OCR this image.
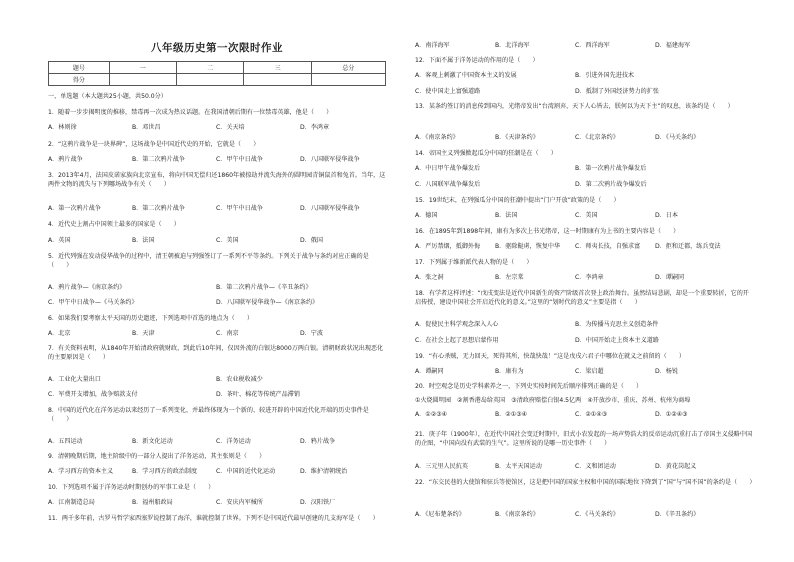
八年级历史第一次限时作业
题号	一	二	三	总分
得分				
一、单选题（本大题共25小题，共50.0分）
1．随着一步步揭明度的推移，禁毒再一次成为热议话题。在我国清朝后期有一位禁毒英雄，他是（　　）
A．林则徐	B．邓世昌	C．关天培	D．李鸿章
2．“这鸦片战争是一块界碑”，这场战争是中国近代史的开始，它就是（　　）
A．鸦片战争	B．第二次鸦片战争	C．甲午中日战争	D．八国联军侵华战争
3．2013年4月，法国皮诺家族向北京宣布，将向中国无偿归还1860年被掠劫并流失海外的圆明园青铜鼠首和兔首。当年，这两件文物的流失与下列哪场战争有关（　　）
A．第一次鸦片战争	B．第二次鸦片战争	C．甲午中日战争	D．八国联军侵华战争
4．近代史上割占中国领土最多的国家是（　　）
A．英国	B．法国	C．美国	D．俄国
5．近代列强在发动侵华战争的过程中，清王朝被迫与列强签订了一系列不平等条约。下列关于战争与条约对应正确的是（　　）
A．鸦片战争—《南京条约》	B．第二次鸦片战争—《辛丑条约》
C．甲午中日战争—《马关条约》	D．八国联军侵华战争—《南京条约》
6．如果我们要考察太平天国的历史遗迹，下列选项中首选的地点为（　　）
A．北京	B．天津	C．南京	D．宁波
7．有关资料表明，从1840年开始清政府就财政，到此后10年间，仅因外流的白银达8000万两白银。清朝财政状况出现恶化的主要原因是（　　）
A．工业化大量出口	B．农业税收减少
C．军费开支增加，战争赔款支付	D．茶叶、棉花等传统产品滞销
8．中国的近代化在洋务运动以来经历了一系列变化，并最终体现为一个新的、较进开辟的中国近代化开端的历史事件是（　　）
A．五四运动	B．新文化运动	C．洋务运动	D．鸦片战争
9．清朝晚期后期，地主阶级中的一部分人提出了洋务运动，其主张则是（　　）
A．学习西方的资本主义	B．学习西方的政治制度	C．中国的近代化运动	D．维护清朝统治
10．下列选项不属于洋务运动时期创办的军事工业是（　　）
A．江南制造总局	B．福州船政局	C．安庆内军械所	D．汉阳铁厂
11．两千多年前，古罗马哲学家西塞罗说控制了海洋，谁就控制了世界。下列不是中国近代最早创建的几支海军是（　　）
A．南洋海军	B．北洋海军	C．西洋海军	D．福建海军
12．下面不属于洋务运动的作用的是（　　）
A．客观上刺激了中国资本主义的发展	B．引进外国先进技术
C．使中国走上富强道路	D．抵制了外国经济势力的扩张
13．某条约签订的消息传到国内，光绪帝发出“台湾割弃，天下人心皆去，朕何以为天下主”的叹息，该条约是（　　）
A．《南京条约》	B．《天津条约》	C．《北京条约》	D．《马关条约》
14．帝国主义列强掀起瓜分中国的狂潮是在（　　）
A．中日甲午战争爆发后	B．第一次鸦片战争爆发后
C．八国联军战争爆发后	D．第二次鸦片战争爆发后
15．19世纪末，在列强瓜分中国的狂潮中提出“门户开放”政策的是（　　）
A．德国	B．法国	C．美国	D．日本
16．在1895年到1898年间，康有为多次上书光绪帝，这一时期康有为上书的主要内容是（　　）
A．严厉禁烟，抵御外侮 B．驱除鞑虏，恢复中华 C．师夷长技，自强求富 D．拒和迁都，练兵变法
17．下列属于维新派代表人物的是（　　）
A．张之洞	B．左宗棠	C．李鸿章	D．谭嗣同
18．有学者这样评述：“戊戌变法是近代中国新生的资产阶级首次登上政治舞台。虽然结局悲剧，却是一个重要转折，它的开启传授，建设中国社会开启近代化的意义。”这里的“划时代的意义”主要是指（　　）
A．促使民主科学观念深入人心	B．为传播马克思主义创造条件
C．在社会上起了思想启蒙作用	D．中国开始走上资本主义道路
19．“有心杀贼，无力回天，死得其所，快哉快哉！”这是戊戌六君子中哪位在就义之前留的（　　）
A．谭嗣同	B．康有为	C．梁启超	D．杨锐
20．时空观念是历史学科素养之一，下列史实按时间先后顺序排列正确的是（　　）
①火烧圆明园　②割香港岛给英国　③清政府赔偿白银4.5亿两　④开放沙市、重庆、苏州、杭州为商埠
A．①②③④	B．②①③④	C．②①④③	D．①②④③
21．庚子年（1900年），在近代中国社会变迁时期中，旧式小农发起的一场声势浩大的反帝运动沉重打击了帝国主义侵略中国的企图，“中国向没有武装的生气”。这里所说的是哪一历史事件（　　）
A．三元里人民抗英	B．太平天国运动	C．义和团运动	D．黄花岗起义
22．“东交民巷的大使馆和驻兵等使馆区，这是把中国的国家主权和中国的国际地位下降到了“国”与“国不国”的条约是（　　）
A．《尼布楚条约》	B．《南京条约》	C．《马关条约》	D．《辛丑条约》
